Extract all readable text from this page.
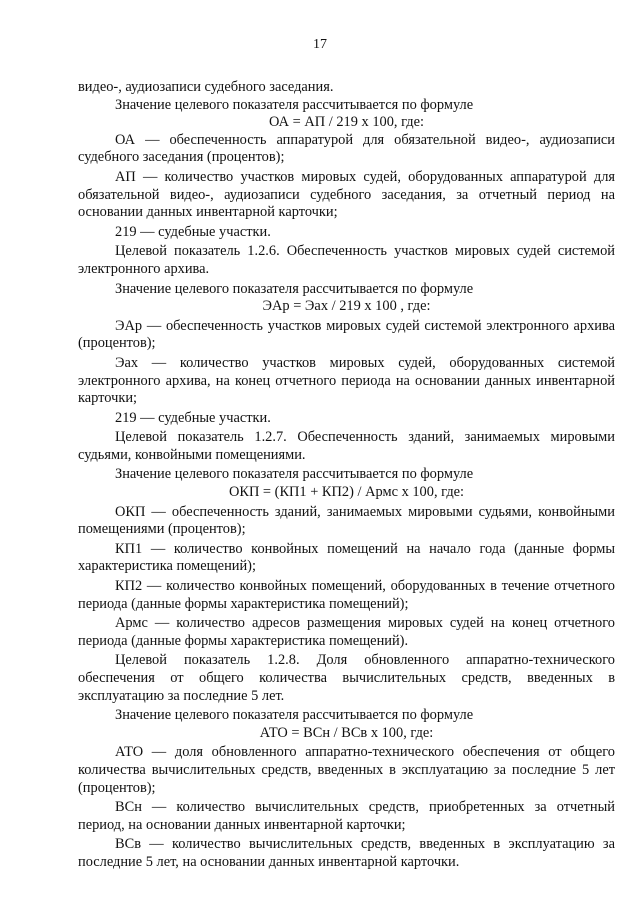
17

видео-, аудиозаписи судебного заседания.

Значение целевого показателя рассчитывается по формуле

ОА = АП / 219 х 100, где:

ОА — обеспеченность аппаратурой для обязательной видео-, аудиозаписи судебного заседания (процентов);

АП — количество участков мировых судей, оборудованных аппаратурой для обязательной видео-, аудиозаписи судебного заседания, за отчетный период на основании данных инвентарной карточки;

219 — судебные участки.

Целевой показатель 1.2.6. Обеспеченность участков мировых судей системой электронного архива.

Значение целевого показателя рассчитывается по формуле

ЭАр = Эах / 219 х 100 , где:

ЭАр — обеспеченность участков мировых судей системой электронного архива (процентов);

Эах — количество участков мировых судей, оборудованных системой электронного архива, на конец отчетного периода на основании данных инвентарной карточки;

219 — судебные участки.

Целевой показатель 1.2.7. Обеспеченность зданий, занимаемых мировыми судьями, конвойными помещениями.

Значение целевого показателя рассчитывается по формуле

ОКП = (КП1 + КП2) / Армс х 100, где:

ОКП — обеспеченность зданий, занимаемых мировыми судьями, конвойными помещениями (процентов);

КП1 — количество конвойных помещений на начало года (данные формы характеристика помещений);

КП2 — количество конвойных помещений, оборудованных в течение отчетного периода (данные формы характеристика помещений);

Армс — количество адресов размещения мировых судей на конец отчетного периода (данные формы характеристика помещений).

Целевой показатель 1.2.8. Доля обновленного аппаратно-технического обеспечения от общего количества вычислительных средств, введенных в эксплуатацию за последние 5 лет.

Значение целевого показателя рассчитывается по формуле

АТО = ВСн / ВСв х 100, где:

АТО — доля обновленного аппаратно-технического обеспечения от общего количества вычислительных средств, введенных в эксплуатацию за последние 5 лет (процентов);

ВСн — количество вычислительных средств, приобретенных за отчетный период, на основании данных инвентарной карточки;

ВСв — количество вычислительных средств, введенных в эксплуатацию за последние 5 лет, на основании данных инвентарной карточки.
